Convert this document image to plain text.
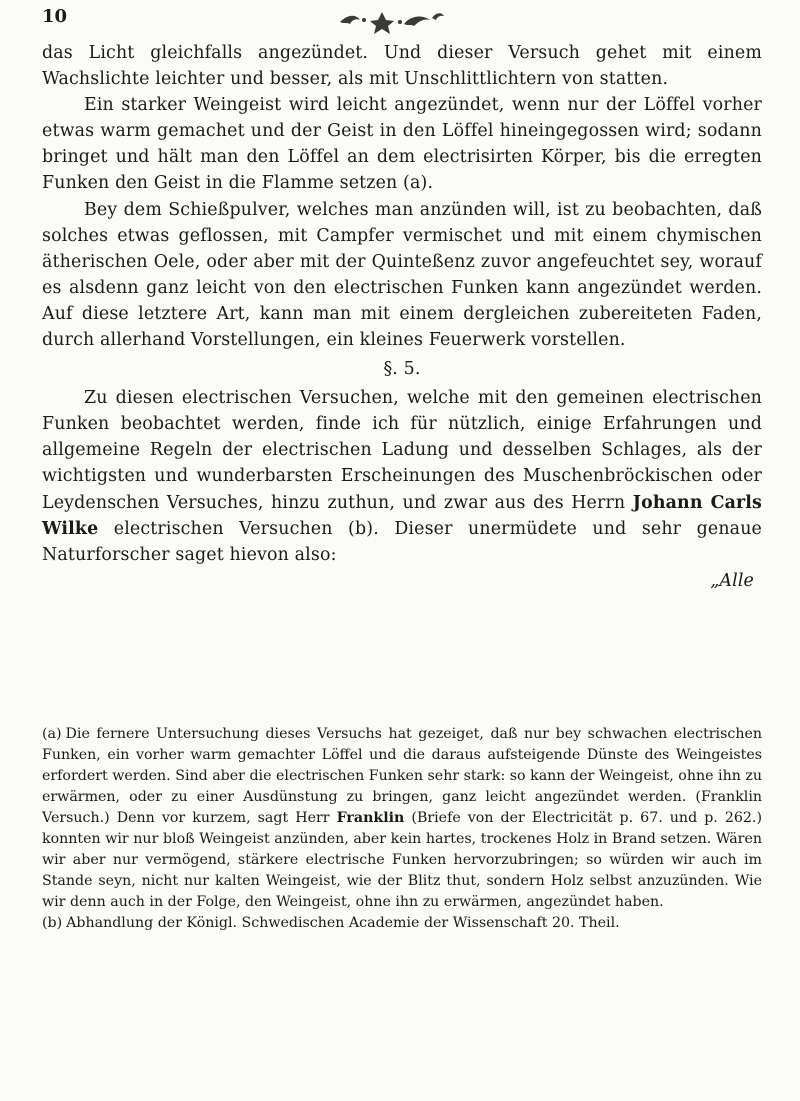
10

das Licht gleichfalls angezündet. Und dieser Versuch gehet mit einem Wachslichte leichter und besser, als mit Unschlittlichtern von statten.

Ein starker Weingeist wird leicht angezündet, wenn nur der Löffel vorher etwas warm gemachet und der Geist in den Löffel hineingegossen wird; sodann bringet und hält man den Löffel an dem electrisirten Körper, bis die erregten Funken den Geist in die Flamme setzen (a).

Bey dem Schießpulver, welches man anzünden will, ist zu beobachten, daß solches etwas geflossen, mit Campfer vermischet und mit einem chymischen ätherischen Oele, oder aber mit der Quinteßenz zuvor angefeuchtet sey, worauf es alsdenn ganz leicht von den electrischen Funken kann angezündet werden. Auf diese letztere Art, kann man mit einem dergleichen zubereiteten Faden, durch allerhand Vorstellungen, ein kleines Feuerwerk vorstellen.

§. 5.

Zu diesen electrischen Versuchen, welche mit den gemeinen electrischen Funken beobachtet werden, finde ich für nützlich, einige Erfahrungen und allgemeine Regeln der electrischen Ladung und desselben Schlages, als der wichtigsten und wunderbarsten Erscheinungen des Muschenbröckischen oder Leydenschen Versuches, hinzu zuthun, und zwar aus des Herrn Johann Carls Wilke electrischen Versuchen (b). Dieser unermüdete und sehr genaue Naturforscher saget hievon also:

„Alle

(a) Die fernere Untersuchung dieses Versuchs hat gezeiget, daß nur bey schwachen electrischen Funken, ein vorher warm gemachter Löffel und die daraus aufsteigende Dünste des Weingeistes erfordert werden. Sind aber die electrischen Funken sehr stark: so kann der Weingeist, ohne ihn zu erwärmen, oder zu einer Ausdünstung zu bringen, ganz leicht angezündet werden. (Franklin Versuch.) Denn vor kurzem, sagt Herr Franklin (Briefe von der Electricität p. 67. und p. 262.) konnten wir nur bloß Weingeist anzünden, aber kein hartes, trockenes Holz in Brand setzen. Wären wir aber nur vermögend, stärkere electrische Funken hervorzubringen; so würden wir auch im Stande seyn, nicht nur kalten Weingeist, wie der Blitz thut, sondern Holz selbst anzuzünden. Wie wir denn auch in der Folge, den Weingeist, ohne ihn zu erwärmen, angezündet haben.

(b) Abhandlung der Königl. Schwedischen Academie der Wissenschaft 20. Theil.
